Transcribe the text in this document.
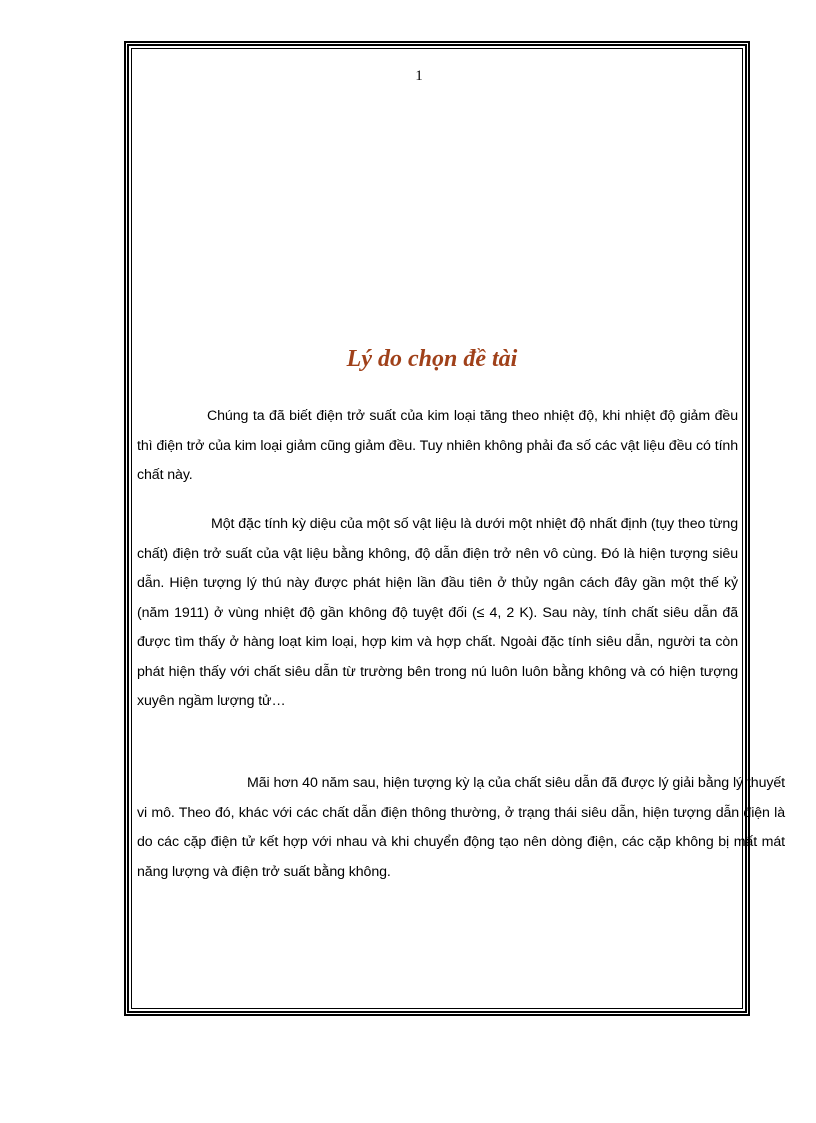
1
Lý do chọn đề tài

Chúng ta đã biết điện trở suất của kim loại tăng theo nhiệt độ, khi nhiệt độ giảm đều thì điện trở của kim loại giảm cũng giảm đều. Tuy nhiên không phải đa số các vật liệu đều có tính chất này.

Một đặc tính kỳ diệu của một số vật liệu là dưới một nhiệt độ nhất định (tụy theo từng chất) điện trở suất của vật liệu bằng không, độ dẫn điện trở nên vô cùng. Đó là hiện tượng siêu dẫn. Hiện tượng lý thú này được phát hiện lần đầu tiên ở thủy ngân cách đây gần một thế kỷ (năm 1911) ở vùng nhiệt độ gần không độ tuyệt đối (≤ 4, 2 K). Sau này, tính chất siêu dẫn đã được tìm thấy ở hàng loạt kim loại, hợp kim và hợp chất. Ngoài đặc tính siêu dẫn, người ta còn phát hiện thấy với chất siêu dẫn từ trường bên trong nú luôn luôn bằng không và có hiện tượng xuyên ngầm lượng tử…

Mãi hơn 40 năm sau, hiện tượng kỳ lạ của chất siêu dẫn đã được lý giải bằng lý thuyết vi mô. Theo đó, khác với các chất dẫn điện thông thường, ở trạng thái siêu dẫn, hiện tượng dẫn điện là do các cặp điện tử kết hợp với nhau và khi chuyển động tạo nên dòng điện, các cặp không bị mất mát năng lượng và điện trở suất bằng không.
